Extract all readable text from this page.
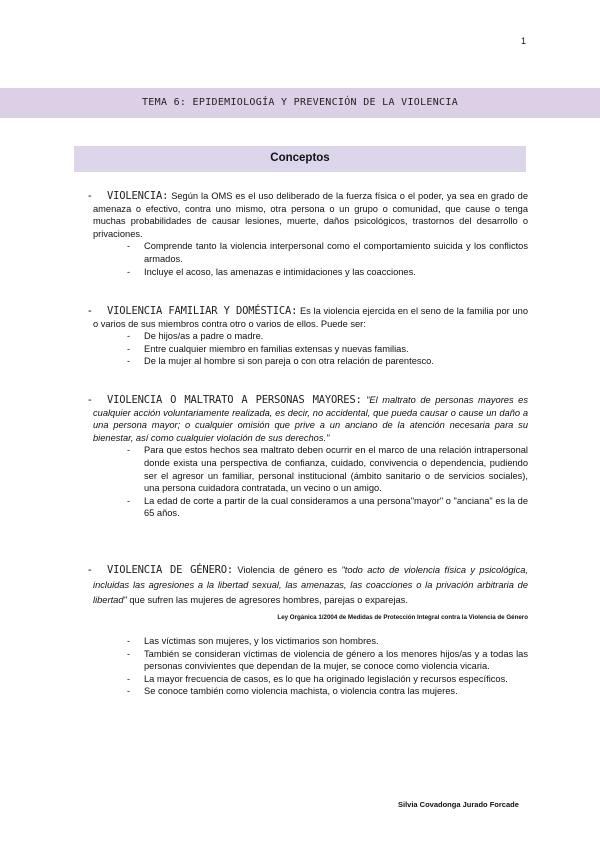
1
TEMA 6: EPIDEMIOLOGÍA Y PREVENCIÓN DE LA VIOLENCIA
Conceptos
- VIOLENCIA: Según la OMS es el uso deliberado de la fuerza física o el poder, ya sea en grado de amenaza o efectivo, contra uno mismo, otra persona o un grupo o comunidad, que cause o tenga muchas probabilidades de causar lesiones, muerte, daños psicológicos, trastornos del desarrollo o privaciones.
- Comprende tanto la violencia interpersonal como el comportamiento suicida y los conflictos armados.
- Incluye el acoso, las amenazas e intimidaciones y las coacciones.
- VIOLENCIA FAMILIAR Y DOMÉSTICA: Es la violencia ejercida en el seno de la familia por uno o varios de sus miembros contra otro o varios de ellos. Puede ser:
- De hijos/as a padre o madre.
- Entre cualquier miembro en familias extensas y nuevas familias.
- De la mujer al hombre si son pareja o con otra relación de parentesco.
- VIOLENCIA O MALTRATO A PERSONAS MAYORES: "El maltrato de personas mayores es cualquier acción voluntariamente realizada, es decir, no accidental, que pueda causar o cause un daño a una persona mayor; o cualquier omisión que prive a un anciano de la atención necesaria para su bienestar, así como cualquier violación de sus derechos."
- Para que estos hechos sea maltrato deben ocurrir en el marco de una relación intrapersonal donde exista una perspectiva de confianza, cuidado, convivencia o dependencia, pudiendo ser el agresor un familiar, personal institucional (ámbito sanitario o de servicios sociales), una persona cuidadora contratada, un vecino o un amigo.
- La edad de corte a partir de la cual consideramos a una persona"mayor" o "anciana" es la de 65 años.
- VIOLENCIA DE GÉNERO: Violencia de género es "todo acto de violencia física y psicológica, incluidas las agresiones a la libertad sexual, las amenazas, las coacciones o la privación arbitraria de libertad" que sufren las mujeres de agresores hombres, parejas o exparejas.
Ley Orgánica 1/2004 de Medidas de Protección Integral contra la Violencia de Género
- Las víctimas son mujeres, y los victimarios son hombres.
- También se consideran víctimas de violencia de género a los menores hijos/as y a todas las personas convivientes que dependan de la mujer, se conoce como violencia vicaria.
- La mayor frecuencia de casos, es lo que ha originado legislación y recursos específicos.
- Se conoce también como violencia machista, o violencia contra las mujeres.
Silvia Covadonga Jurado Forcade
